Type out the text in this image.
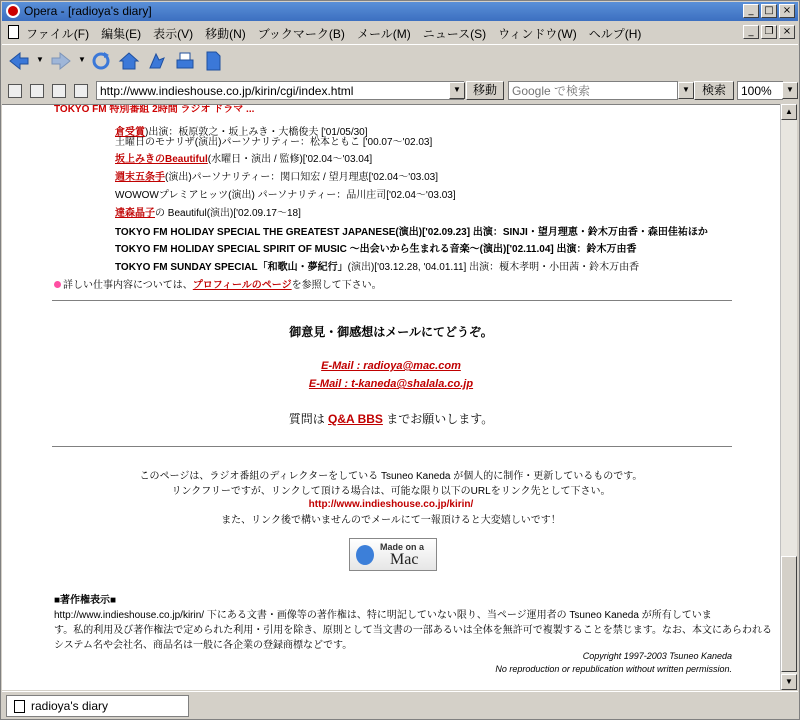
Opera - [radioya's diary]	_	□ ×
ファイル(F) 編集(E) 表示(V) 移動(N) ブックマーク(B) メール(M) ニュース(S) ウィンドウ(W) ヘルプ(H)	_	❐ ×
▼	▼
http://www.indieshouse.co.jp/kirin/cgi/index.html
▼	移動
Google で検索	▼	検索
100%	▼
TOKYO FM 特別番組 2時間 ラジオ ドラマ ...
倉受賞)出演：板原敦之・坂上みき・大橋俊夫 ['01/05/30]
土曜日のモナリザ(演出)パーソナリティー：松本ともこ ['00.07～'02.03]
坂上みきのBeautiful(水曜日・演出 / 監修)['02.04～'03.04]
週末五条手(演出)パーソナリティー：関口知宏 / 望月理恵['02.04～'03.03]
WOWOWプレミアヒッツ(演出) パーソナリティー：品川庄司['02.04～'03.03]
達森晶子の Beautiful(演出)['02.09.17～18]
TOKYO FM HOLIDAY SPECIAL THE GREATEST JAPANESE(演出)['02.09.23] 出演：SINJI・望月理恵・鈴木万由香・森田佳祐ほか
TOKYO FM HOLIDAY SPECIAL SPIRIT OF MUSIC ～出会いから生まれる音楽～(演出)['02.11.04] 出演：鈴木万由香
TOKYO FM SUNDAY SPECIAL「和歌山・夢紀行」(演出)['03.12.28, '04.01.11] 出演：榎木孝明・小田茜・鈴木万由香
詳しい仕事内容については、プロフィールのページを参照して下さい。
御意見・御感想はメールにてどうぞ。
E-Mail : radioya@mac.com
E-Mail : t-kaneda@shalala.co.jp
質問は Q&A BBS までお願いします。
このページは、ラジオ番組のディレクターをしている Tsuneo Kaneda が個人的に制作・更新しているものです。
リンクフリーですが、リンクして頂ける場合は、可能な限り以下のURLをリンク先として下さい。
http://www.indieshouse.co.jp/kirin/
また、リンク後で構いませんのでメールにて一報頂けると大変嬉しいです！
Made on a
Mac
■著作権表示■
http://www.indieshouse.co.jp/kirin/ 下にある文書・画像等の著作権は、特に明記していない限り、当ページ運用者の Tsuneo Kaneda が所有していま
す。私的利用及び著作権法で定められた利用・引用を除き、原則として当文書の一部あるいは全体を無許可で複製することを禁じます。なお、本文にあらわれる
システム名や会社名、商品名は一般に各企業の登録商標などです。
Copyright 1997-2003 Tsuneo Kaneda
No reproduction or republication without written permission.
▲
▼
radioya's diary
